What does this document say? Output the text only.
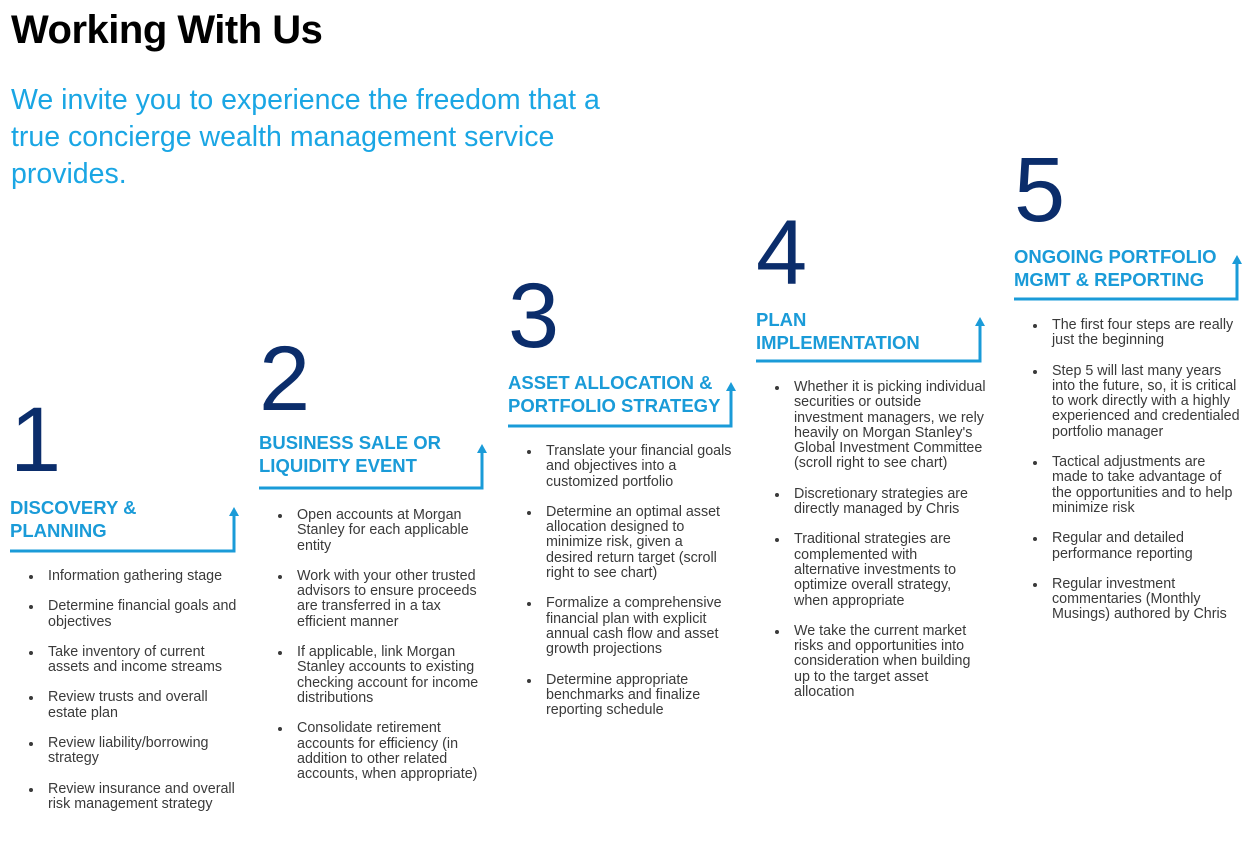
Working With Us

We invite you to experience the freedom that a true concierge wealth management service provides.

1
DISCOVERY &
PLANNING
Information gathering stage
Determine financial goals and objectives
Take inventory of current assets and income streams
Review trusts and overall estate plan
Review liability/borrowing strategy
Review insurance and overall risk management strategy
2
BUSINESS SALE OR
LIQUIDITY EVENT
Open accounts at Morgan Stanley for each applicable entity
Work with your other trusted advisors to ensure proceeds are transferred in a tax efficient manner
If applicable, link Morgan Stanley accounts to existing checking account for income distributions
Consolidate retirement accounts for efficiency (in addition to other related accounts, when appropriate)
3
ASSET ALLOCATION &
PORTFOLIO STRATEGY
Translate your financial goals and objectives into a customized portfolio
Determine an optimal asset allocation designed to minimize risk, given a desired return target (scroll right to see chart)
Formalize a comprehensive financial plan with explicit annual cash flow and asset growth projections
Determine appropriate benchmarks and finalize reporting schedule
4
PLAN
IMPLEMENTATION
Whether it is picking individual securities or outside investment managers, we rely heavily on Morgan Stanley's Global Investment Committee (scroll right to see chart)
Discretionary strategies are directly managed by Chris
Traditional strategies are complemented with alternative investments to optimize overall strategy, when appropriate
We take the current market risks and opportunities into consideration when building up to the target asset allocation
5
ONGOING PORTFOLIO
MGMT & REPORTING
The first four steps are really just the beginning
Step 5 will last many years into the future, so, it is critical to work directly with a highly experienced and credentialed portfolio manager
Tactical adjustments are made to take advantage of the opportunities and to help minimize risk
Regular and detailed performance reporting
Regular investment commentaries (Monthly Musings) authored by Chris
